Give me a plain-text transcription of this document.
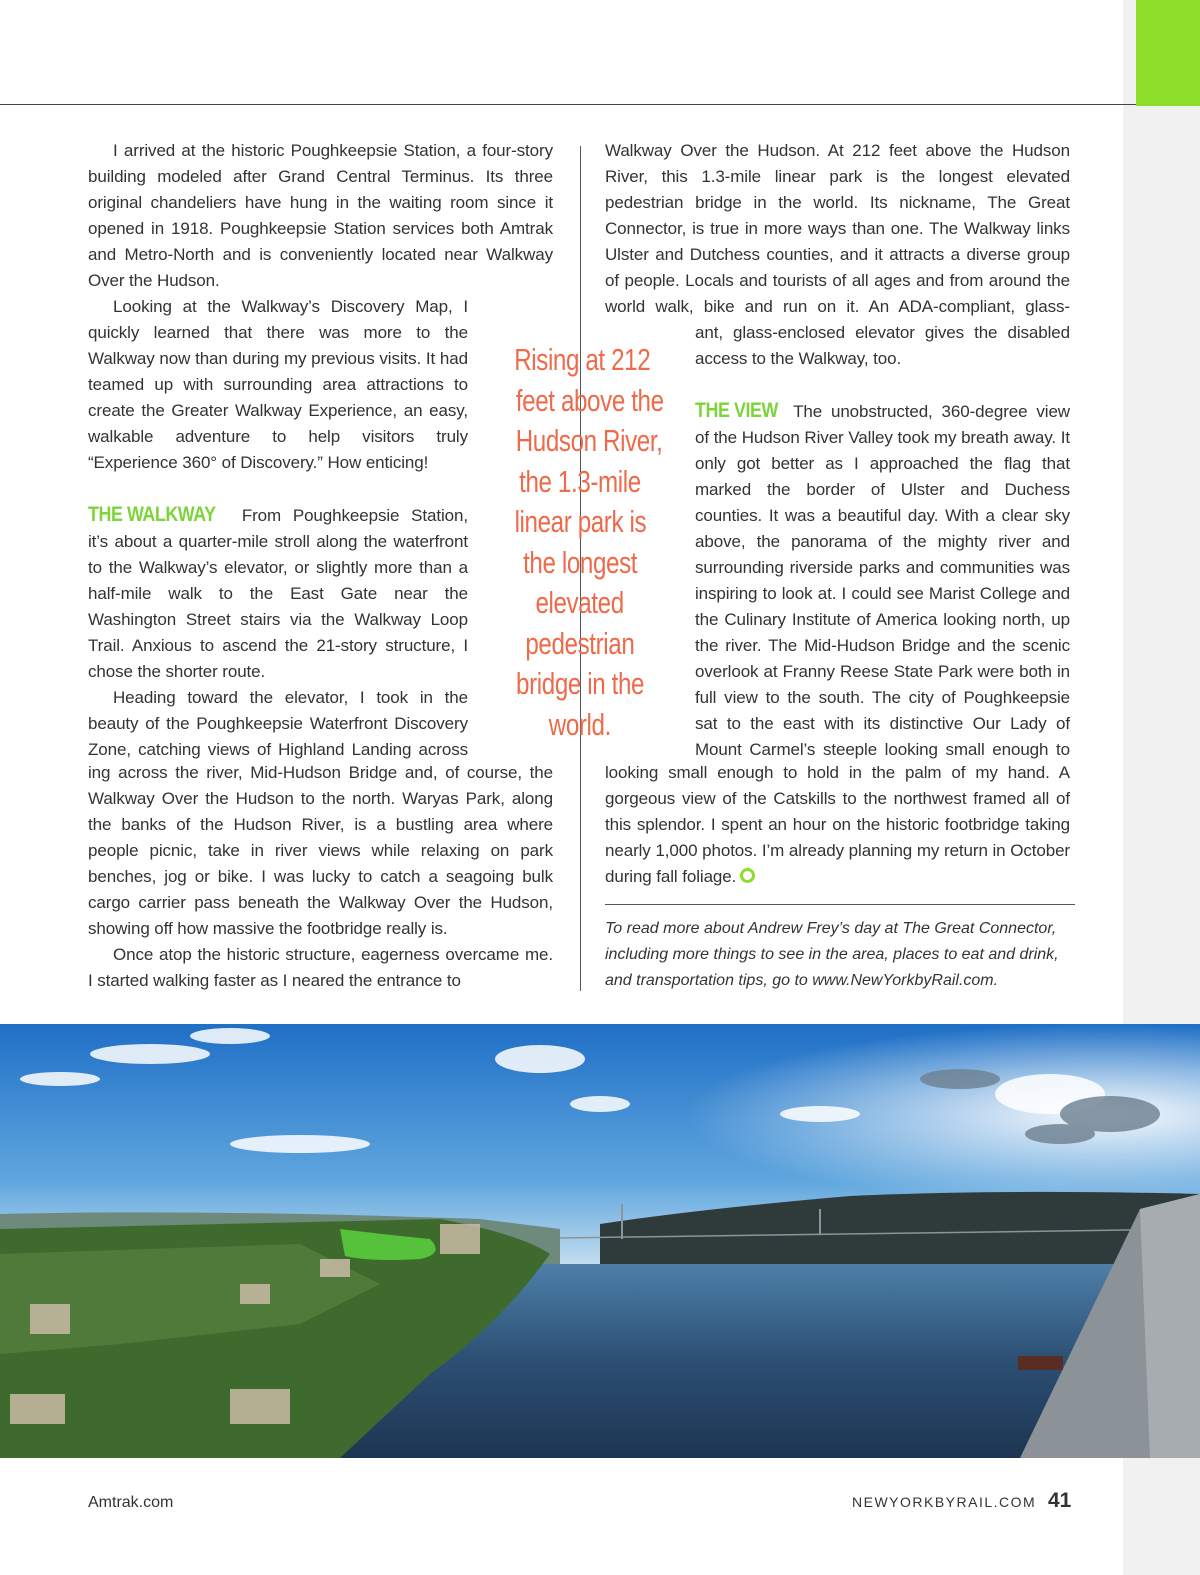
I arrived at the historic Poughkeepsie Station, a four-story building modeled after Grand Central Terminus. Its three original chandeliers have hung in the waiting room since it opened in 1918. Poughkeepsie Station services both Amtrak and Metro-North and is conveniently located near Walkway Over the Hudson.

Looking at the Walkway’s Discovery Map, I quickly learned that there was more to the Walkway now than during my previous visits. It had teamed up with surrounding area attractions to create the Greater Walkway Experience, an easy, walkable adventure to help visitors truly “Experience 360° of Discovery.” How enticing!

THE WALKWAY From Poughkeepsie Station, it’s about a quarter-mile stroll along the waterfront to the Walkway’s elevator, or slightly more than a half-mile walk to the East Gate near the Washington Street stairs via the Walkway Loop Trail. Anxious to ascend the 21-story structure, I chose the shorter route.

Heading toward the elevator, I took in the beauty of the Poughkeepsie Waterfront Discovery Zone, catching views of Highland Landing across

ing across the river, Mid-Hudson Bridge and, of course, the Walkway Over the Hudson to the north. Waryas Park, along the banks of the Hudson River, is a bustling area where people picnic, take in river views while relaxing on park benches, jog or bike. I was lucky to catch a seagoing bulk cargo carrier pass beneath the Walkway Over the Hudson, showing off how massive the footbridge really is.

Once atop the historic structure, eagerness overcame me. I started walking faster as I neared the entrance to

Rising at 212
feet above the
Hudson River,
the 1.3-mile
linear park is
the longest
elevated
pedestrian
bridge in the
world.

Walkway Over the Hudson. At 212 feet above the Hudson River, this 1.3-mile linear park is the longest elevated pedestrian bridge in the world. Its nickname, The Great Connector, is true in more ways than one. The Walkway links Ulster and Dutchess counties, and it attracts a diverse group of people. Locals and tourists of all ages and from around the world walk, bike and run on it. An ADA-compliant, glass-

ant, glass-enclosed elevator gives the disabled access to the Walkway, too.

THE VIEW The unobstructed, 360-degree view of the Hudson River Valley took my breath away. It only got better as I approached the flag that marked the border of Ulster and Duchess counties. It was a beautiful day. With a clear sky above, the panorama of the mighty river and surrounding riverside parks and communities was inspiring to look at. I could see Marist College and the Culinary Institute of America looking north, up the river. The Mid-Hudson Bridge and the scenic overlook at Franny Reese State Park were both in full view to the south. The city of Poughkeepsie sat to the east with its distinctive Our Lady of Mount Carmel’s steeple looking small enough to

looking small enough to hold in the palm of my hand. A gorgeous view of the Catskills to the northwest framed all of this splendor. I spent an hour on the historic footbridge taking nearly 1,000 photos. I’m already planning my return in October during fall foliage.

To read more about Andrew Frey’s day at The Great Connector, including more things to see in the area, places to eat and drink, and transportation tips, go to www.NewYorkbyRail.com.
Amtrak.com	NEWYORKBYRAIL.COM 41
